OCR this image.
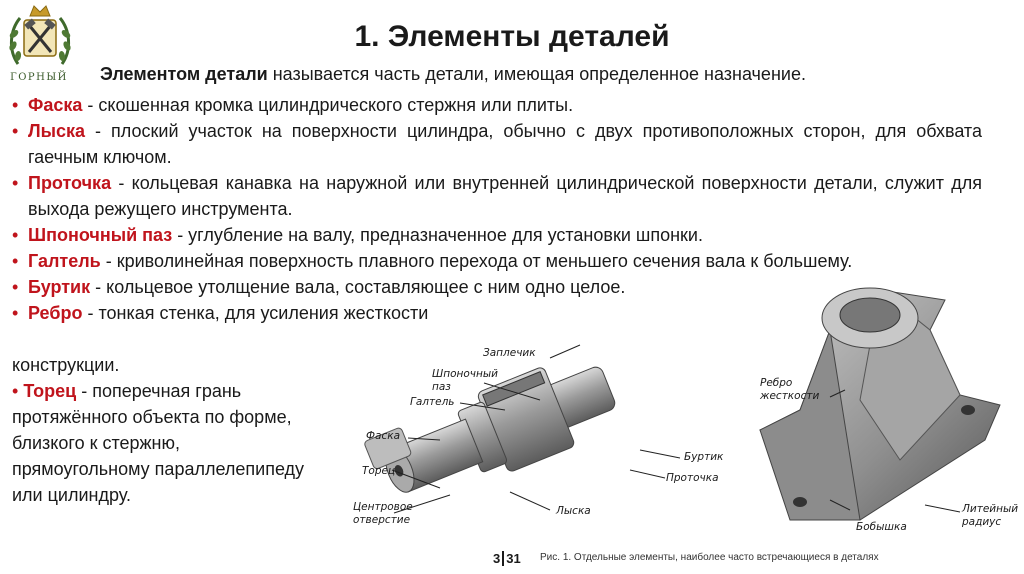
ГОРНЫЙ
1. Элементы деталей
Элементом детали называется часть детали, имеющая определенное назначение.
• Фаска - скошенная кромка цилиндрического стержня или плиты.
• Лыска - плоский участок на поверхности цилиндра, обычно с двух противоположных сторон, для обхвата гаечным ключом.
• Проточка - кольцевая канавка на наружной или внутренней цилиндрической поверхности детали, служит для выхода режущего инструмента.
• Шпоночный паз - углубление на валу, предназначенное для установки шпонки.
• Галтель - криволинейная поверхность плавного перехода от меньшего сечения вала к большему.
• Буртик - кольцевое утолщение вала, составляющее с ним одно целое.
• Ребро - тонкая стенка, для усиления жесткости
конструкции.
• Торец - поперечная грань
протяжённого объекта по форме,
близкого к стержню,
прямоугольному параллелепипеду
или цилиндру.
Заплечик
Шпоночный
паз
Галтель
Фаска
Торец
Центровое
отверстие
Лыска
Буртик
Проточка
Ребро
жесткости
Бобышка
Литейный
радиус
3 31 Рис. 1. Отдельные элементы, наиболее часто встречающиеся в деталях
